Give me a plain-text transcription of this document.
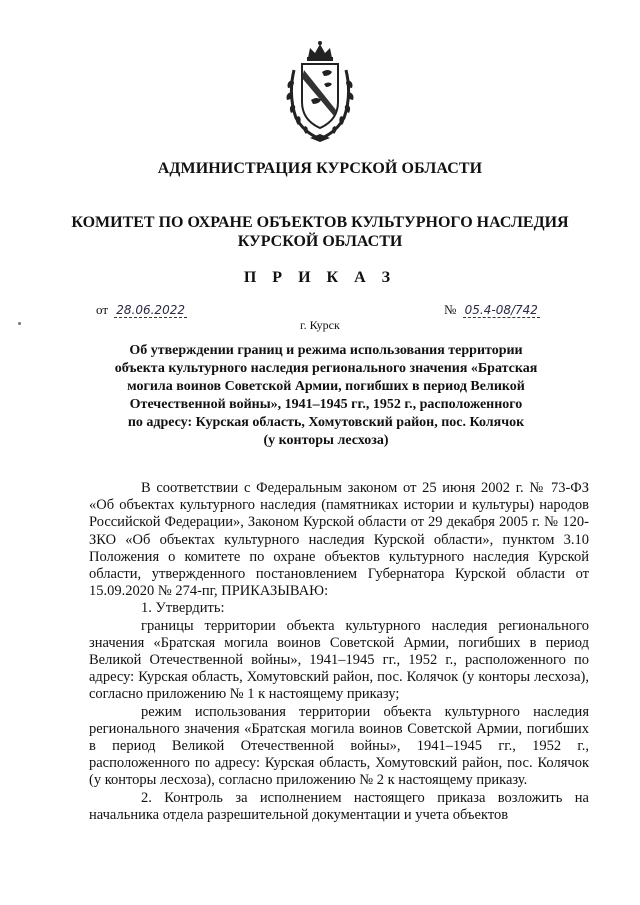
АДМИНИСТРАЦИЯ КУРСКОЙ ОБЛАСТИ
КОМИТЕТ ПО ОХРАНЕ ОБЪЕКТОВ КУЛЬТУРНОГО НАСЛЕДИЯ
КУРСКОЙ ОБЛАСТИ
П Р И К А З
от 28.06.2022	№ 05.4-08/742
г. Курск
Об утверждении границ и режима использования территории
объекта культурного наследия регионального значения «Братская
могила воинов Советской Армии, погибших в период Великой
Отечественной войны», 1941–1945 гг., 1952 г., расположенного
по адресу: Курская область, Хомутовский район, пос. Колячок
(у конторы лесхоза)

В соответствии с Федеральным законом от 25 июня 2002 г. № 73-ФЗ «Об объектах культурного наследия (памятниках истории и культуры) народов Российской Федерации», Законом Курской области от 29 декабря 2005 г. № 120-ЗКО «Об объектах культурного наследия Курской области», пунктом 3.10 Положения о комитете по охране объектов культурного наследия Курской области, утвержденного постановлением Губернатора Курской области от 15.09.2020 № 274-пг, ПРИКАЗЫВАЮ:

1. Утвердить:

границы территории объекта культурного наследия регионального значения «Братская могила воинов Советской Армии, погибших в период Великой Отечественной войны», 1941–1945 гг., 1952 г., расположенного по адресу: Курская область, Хомутовский район, пос. Колячок (у конторы лесхоза), согласно приложению № 1 к настоящему приказу;

режим использования территории объекта культурного наследия регионального значения «Братская могила воинов Советской Армии, погибших в период Великой Отечественной войны», 1941–1945 гг., 1952 г., расположенного по адресу: Курская область, Хомутовский район, пос. Колячок (у конторы лесхоза), согласно приложению № 2 к настоящему приказу.

2. Контроль за исполнением настоящего приказа возложить на начальника отдела разрешительной документации и учета объектов
